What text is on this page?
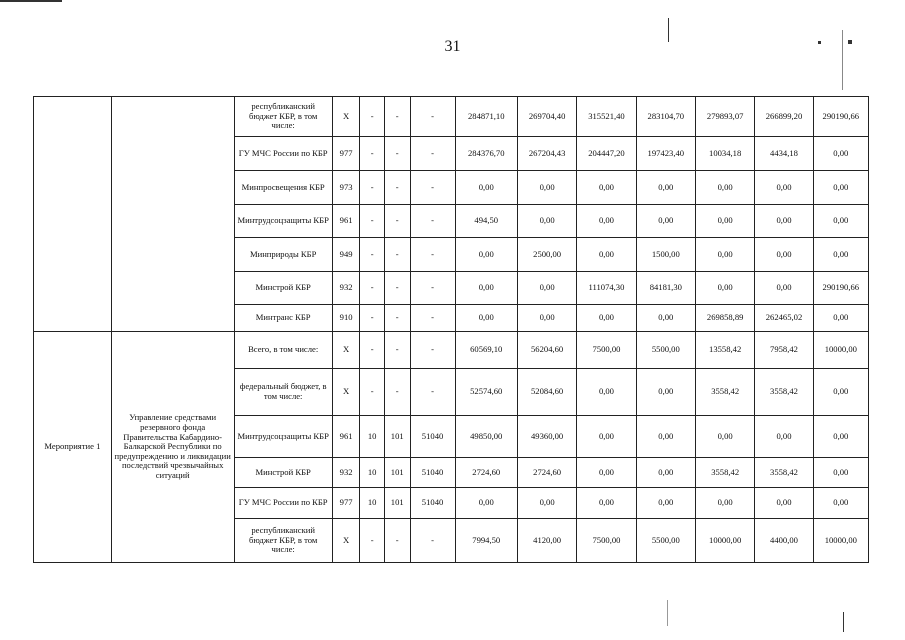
31
		республиканский бюджет КБР, в том числе:	X	-	-	-	284871,10	269704,40	315521,40	283104,70	279893,07	266899,20	290190,66
		ГУ МЧС России по КБР	977	-	-	-	284376,70	267204,43	204447,20	197423,40	10034,18	4434,18	0,00
		Минпросвещения КБР	973	-	-	-	0,00	0,00	0,00	0,00	0,00	0,00	0,00
		Минтрудсоцзащиты КБР	961	-	-	-	494,50	0,00	0,00	0,00	0,00	0,00	0,00
		Минприроды КБР	949	-	-	-	0,00	2500,00	0,00	1500,00	0,00	0,00	0,00
		Минстрой КБР	932	-	-	-	0,00	0,00	111074,30	84181,30	0,00	0,00	290190,66
		Минтранс КБР	910	-	-	-	0,00	0,00	0,00	0,00	269858,89	262465,02	0,00
Мероприятие 1	Управление средствами резервного фонда Правительства Кабардино-Балкарской Республики по предупреждению и ликвидации последствий чрезвычайных ситуаций	Всего, в том числе:	X	-	-	-	60569,10	56204,60	7500,00	5500,00	13558,42	7958,42	10000,00
		федеральный бюджет, в том числе:	X	-	-	-	52574,60	52084,60	0,00	0,00	3558,42	3558,42	0,00
		Минтрудсоцзащиты КБР	961	10	101	51040	49850,00	49360,00	0,00	0,00	0,00	0,00	0,00
		Минстрой КБР	932	10	101	51040	2724,60	2724,60	0,00	0,00	3558,42	3558,42	0,00
		ГУ МЧС России по КБР	977	10	101	51040	0,00	0,00	0,00	0,00	0,00	0,00	0,00
		республиканский бюджет КБР, в том числе:	X	-	-	-	7994,50	4120,00	7500,00	5500,00	10000,00	4400,00	10000,00
